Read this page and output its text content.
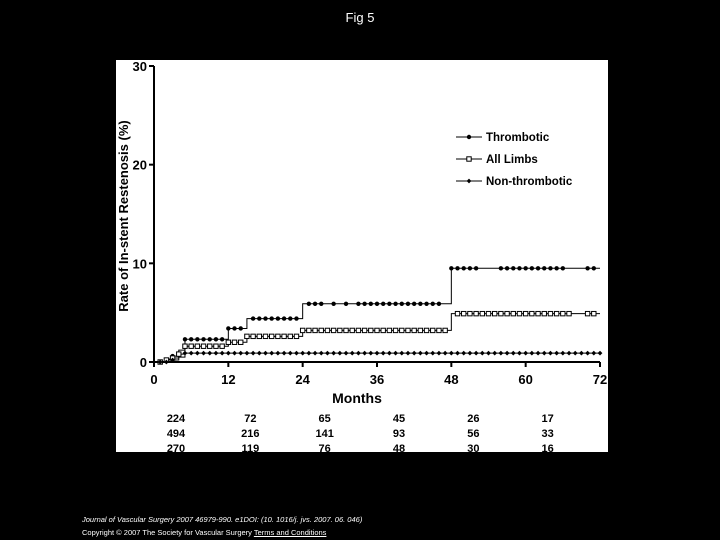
Fig 5
0
10
20
30
0	12	24	36	48	60	72
Months
Rate of In-stent Restenosis (%)	Thrombotic
All Limbs
Non-thrombotic
224	72	65	45	26	17
494	216	141	93	56	33
270	119	76	48	30	16
Journal of Vascular Surgery 2007 46979-990. e1DOI: (10. 1016/j. jvs. 2007. 06. 046)
Copyright © 2007 The Society for Vascular Surgery Terms and Conditions
